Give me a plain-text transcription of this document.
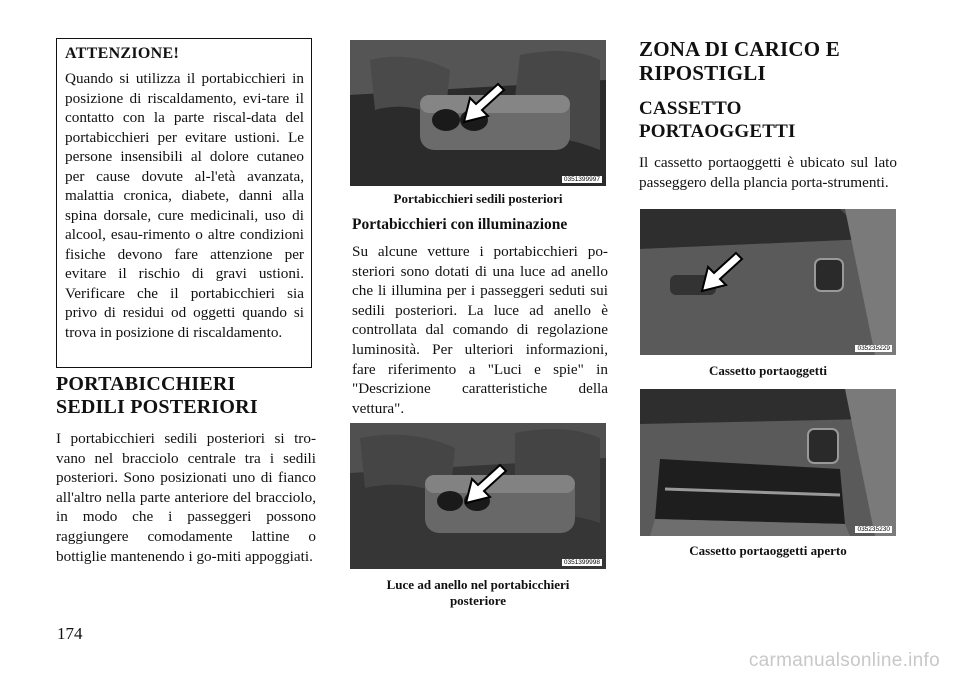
ATTENZIONE!

Quando si utilizza il portabicchieri in posizione di riscaldamento, evi-tare il contatto con la parte riscal-data del portabicchieri per evitare ustioni. Le persone insensibili al dolore cutaneo per cause dovute al-l'età avanzata, malattia cronica, diabete, danni alla spina dorsale, cure medicinali, uso di alcool, esau-rimento o altre condizioni fisiche devono fare attenzione per evitare il rischio di gravi ustioni. Verificare che il portabicchieri sia privo di residui od oggetti quando si trova in posizione di riscaldamento.

PORTABICCHIERI SEDILI POSTERIORI

I portabicchieri sedili posteriori si tro-vano nel bracciolo centrale tra i sedili posteriori. Sono posizionati uno di fianco all'altro nella parte anteriore del bracciolo, in modo che i passeggeri possono raggiungere comodamente lattine o bottiglie mantenendo i go-miti appoggiati.

0351399997
Portabicchieri sedili posteriori
Portabicchieri con illuminazione

Su alcune vetture i portabicchieri po-steriori sono dotati di una luce ad anello che li illumina per i passeggeri seduti sui sedili posteriori. La luce ad anello è controllata dal comando di regolazione luminosità. Per ulteriori informazioni, fare riferimento a "Luci e spie" in "Descrizione caratteristiche della vettura".

0351399998
Luce ad anello nel portabicchieri
posteriore
ZONA DI CARICO E RIPOSTIGLI
CASSETTO PORTAOGGETTI

Il cassetto portaoggetti è ubicato sul lato passeggero della plancia porta-strumenti.

035235229
Cassetto portaoggetti
035235230
Cassetto portaoggetti aperto
174
carmanualsonline.info
